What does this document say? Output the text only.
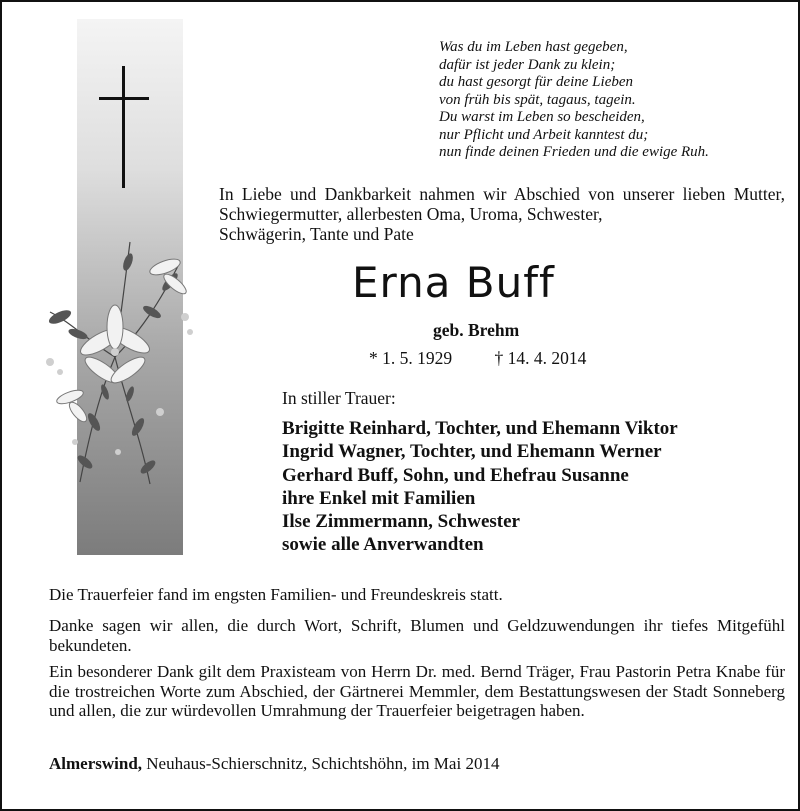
Was du im Leben hast gegeben,
dafür ist jeder Dank zu klein;
du hast gesorgt für deine Lieben
von früh bis spät, tagaus, tagein.
Du warst im Leben so bescheiden,
nur Pflicht und Arbeit kanntest du;
nun finde deinen Frieden und die ewige Ruh.
In Liebe und Dankbarkeit nahmen wir Abschied von unserer lieben Mutter, Schwiegermutter, allerbesten Oma, Uroma, Schwester,
Schwägerin, Tante und Pate
Erna Buff
geb. Brehm
* 1. 5. 1929 † 14. 4. 2014
In stiller Trauer:
Brigitte Reinhard, Tochter, und Ehemann Viktor
Ingrid Wagner, Tochter, und Ehemann Werner
Gerhard Buff, Sohn, und Ehefrau Susanne
ihre Enkel mit Familien
Ilse Zimmermann, Schwester
sowie alle Anverwandten
Die Trauerfeier fand im engsten Familien- und Freundeskreis statt.
Danke sagen wir allen, die durch Wort, Schrift, Blumen und Geldzuwendungen ihr tiefes Mitgefühl bekundeten.
Ein besonderer Dank gilt dem Praxisteam von Herrn Dr. med. Bernd Träger, Frau Pastorin Petra Knabe für die trostreichen Worte zum Abschied, der Gärtnerei Memmler, dem Bestattungswesen der Stadt Sonneberg und allen, die zur würdevollen Umrahmung der Trauerfeier beigetragen haben.
Almerswind, Neuhaus-Schierschnitz, Schichtshöhn, im Mai 2014
